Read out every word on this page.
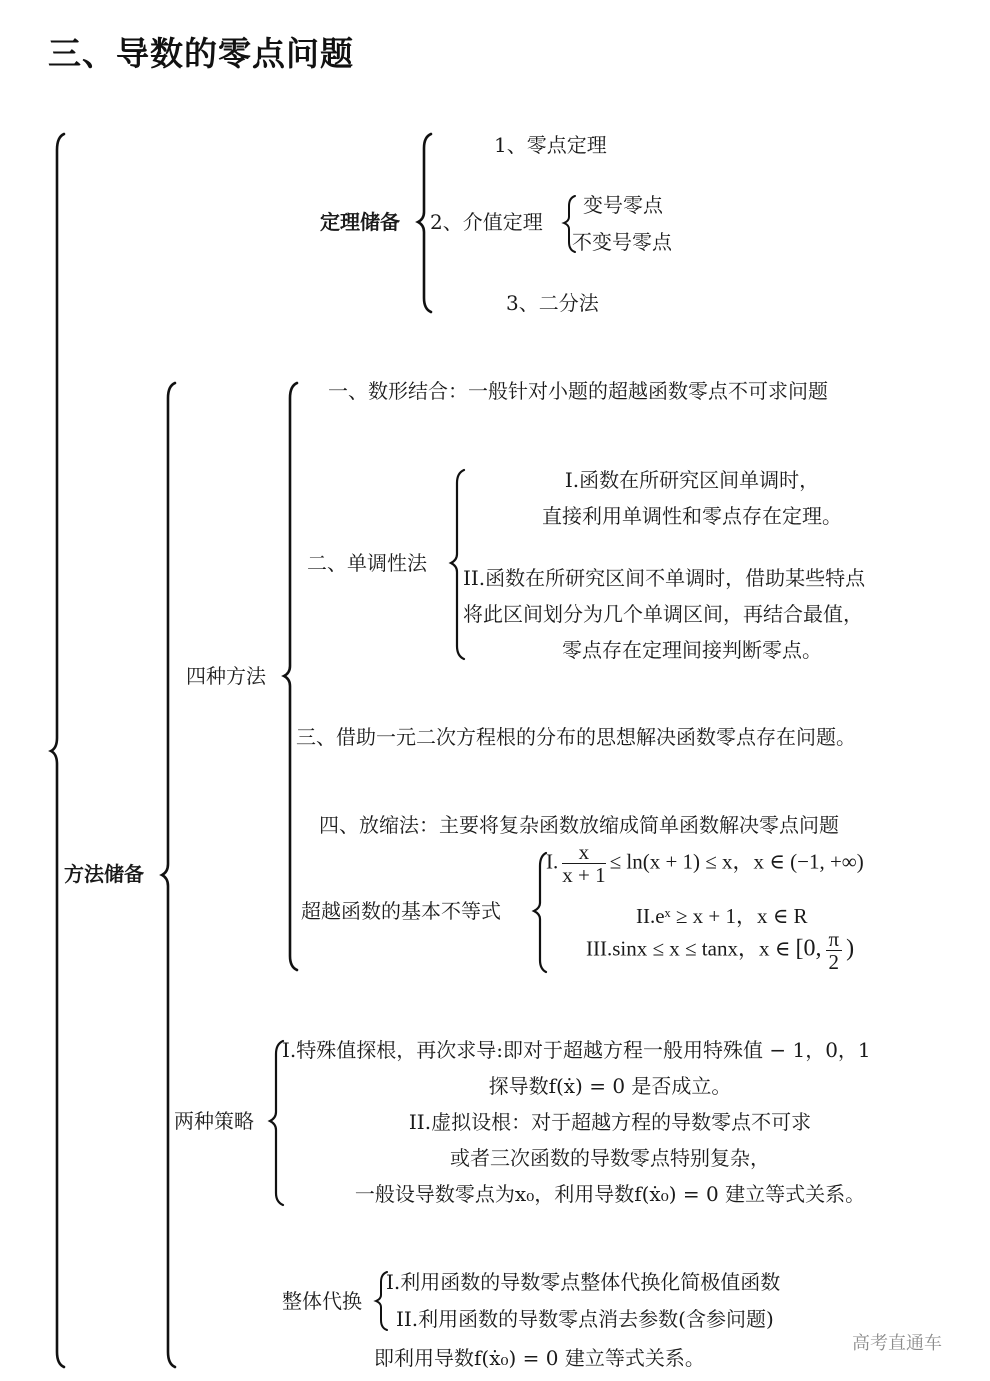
三、导数的零点问题
定理储备
1、零点定理
2、介值定理
变号零点
不变号零点
3、二分法
方法储备
四种方法
一、数形结合：一般针对小题的超越函数零点不可求问题
二、单调性法
I.函数在所研究区间单调时，
直接利用单调性和零点存在定理。
II.函数在所研究区间不单调时，借助某些特点
将此区间划分为几个单调区间，再结合最值，
零点存在定理间接判断零点。
三、借助一元二次方程根的分布的思想解决函数零点存在问题。
四、放缩法：主要将复杂函数放缩成简单函数解决零点问题
超越函数的基本不等式
I. $\frac{x}{x + 1} \le \ln(x + 1) \le x$，x ∈ (−1, +∞)
II.eˣ ≥ x + 1，x ∈ R
III.sinx ≤ x ≤ tanx，x ∈ [0, $\frac{\pi}{2}$ )
两种策略
I.特殊值探根，再次求导:即对于超越方程一般用特殊值 − 1，0，1
探导数f(ẋ) = 0 是否成立。
II.虚拟设根：对于超越方程的导数零点不可求
或者三次函数的导数零点特别复杂，
一般设导数零点为x₀，利用导数f(ẋ₀) = 0 建立等式关系。
整体代换
I.利用函数的导数零点整体代换化简极值函数
II.利用函数的导数零点消去参数(含参问题)
即利用导数f(ẋ₀) = 0 建立等式关系。
高考直通车
